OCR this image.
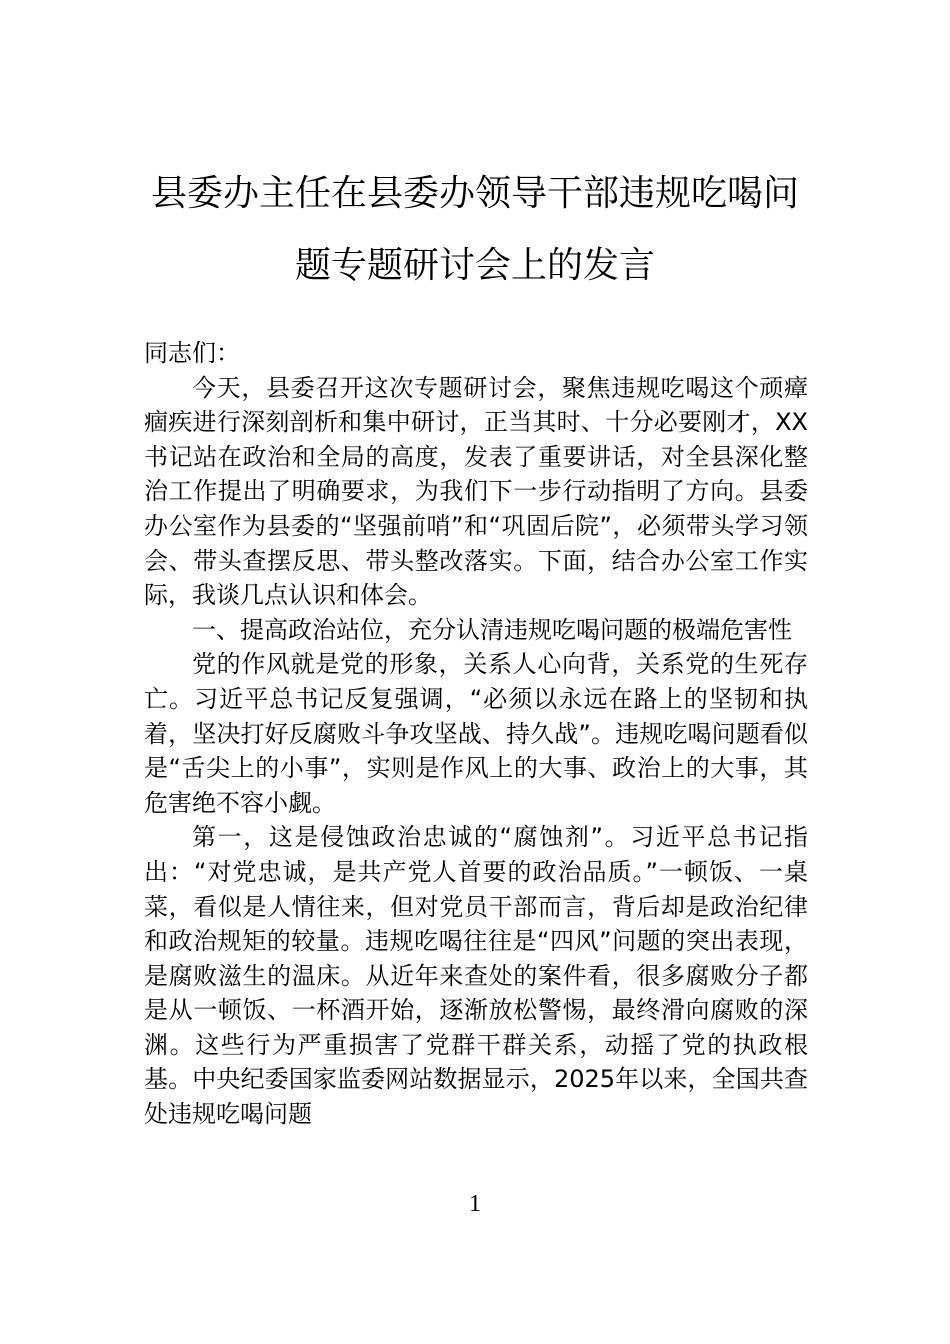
县委办主任在县委办领导干部违规吃喝问
题专题研讨会上的发言

同志们：

今天，县委召开这次专题研讨会，聚焦违规吃喝这个顽瘴痼疾进行深刻剖析和集中研讨，正当其时、十分必要刚才，XX书记站在政治和全局的高度，发表了重要讲话，对全县深化整治工作提出了明确要求，为我们下一步行动指明了方向。县委办公室作为县委的“坚强前哨”和“巩固后院”，必须带头学习领会、带头查摆反思、带头整改落实。下面，结合办公室工作实际，我谈几点认识和体会。

一、提高政治站位，充分认清违规吃喝问题的极端危害性

党的作风就是党的形象，关系人心向背，关系党的生死存亡。习近平总书记反复强调，“必须以永远在路上的坚韧和执着，坚决打好反腐败斗争攻坚战、持久战”。违规吃喝问题看似是“舌尖上的小事”，实则是作风上的大事、政治上的大事，其危害绝不容小觑。

第一，这是侵蚀政治忠诚的“腐蚀剂”。习近平总书记指出：“对党忠诚，是共产党人首要的政治品质。”一顿饭、一桌菜，看似是人情往来，但对党员干部而言，背后却是政治纪律和政治规矩的较量。违规吃喝往往是“四风”问题的突出表现，是腐败滋生的温床。从近年来查处的案件看，很多腐败分子都是从一顿饭、一杯酒开始，逐渐放松警惕，最终滑向腐败的深渊。这些行为严重损害了党群干群关系，动摇了党的执政根基。中央纪委国家监委网站数据显示，2025年以来，全国共查处违规吃喝问题

1
